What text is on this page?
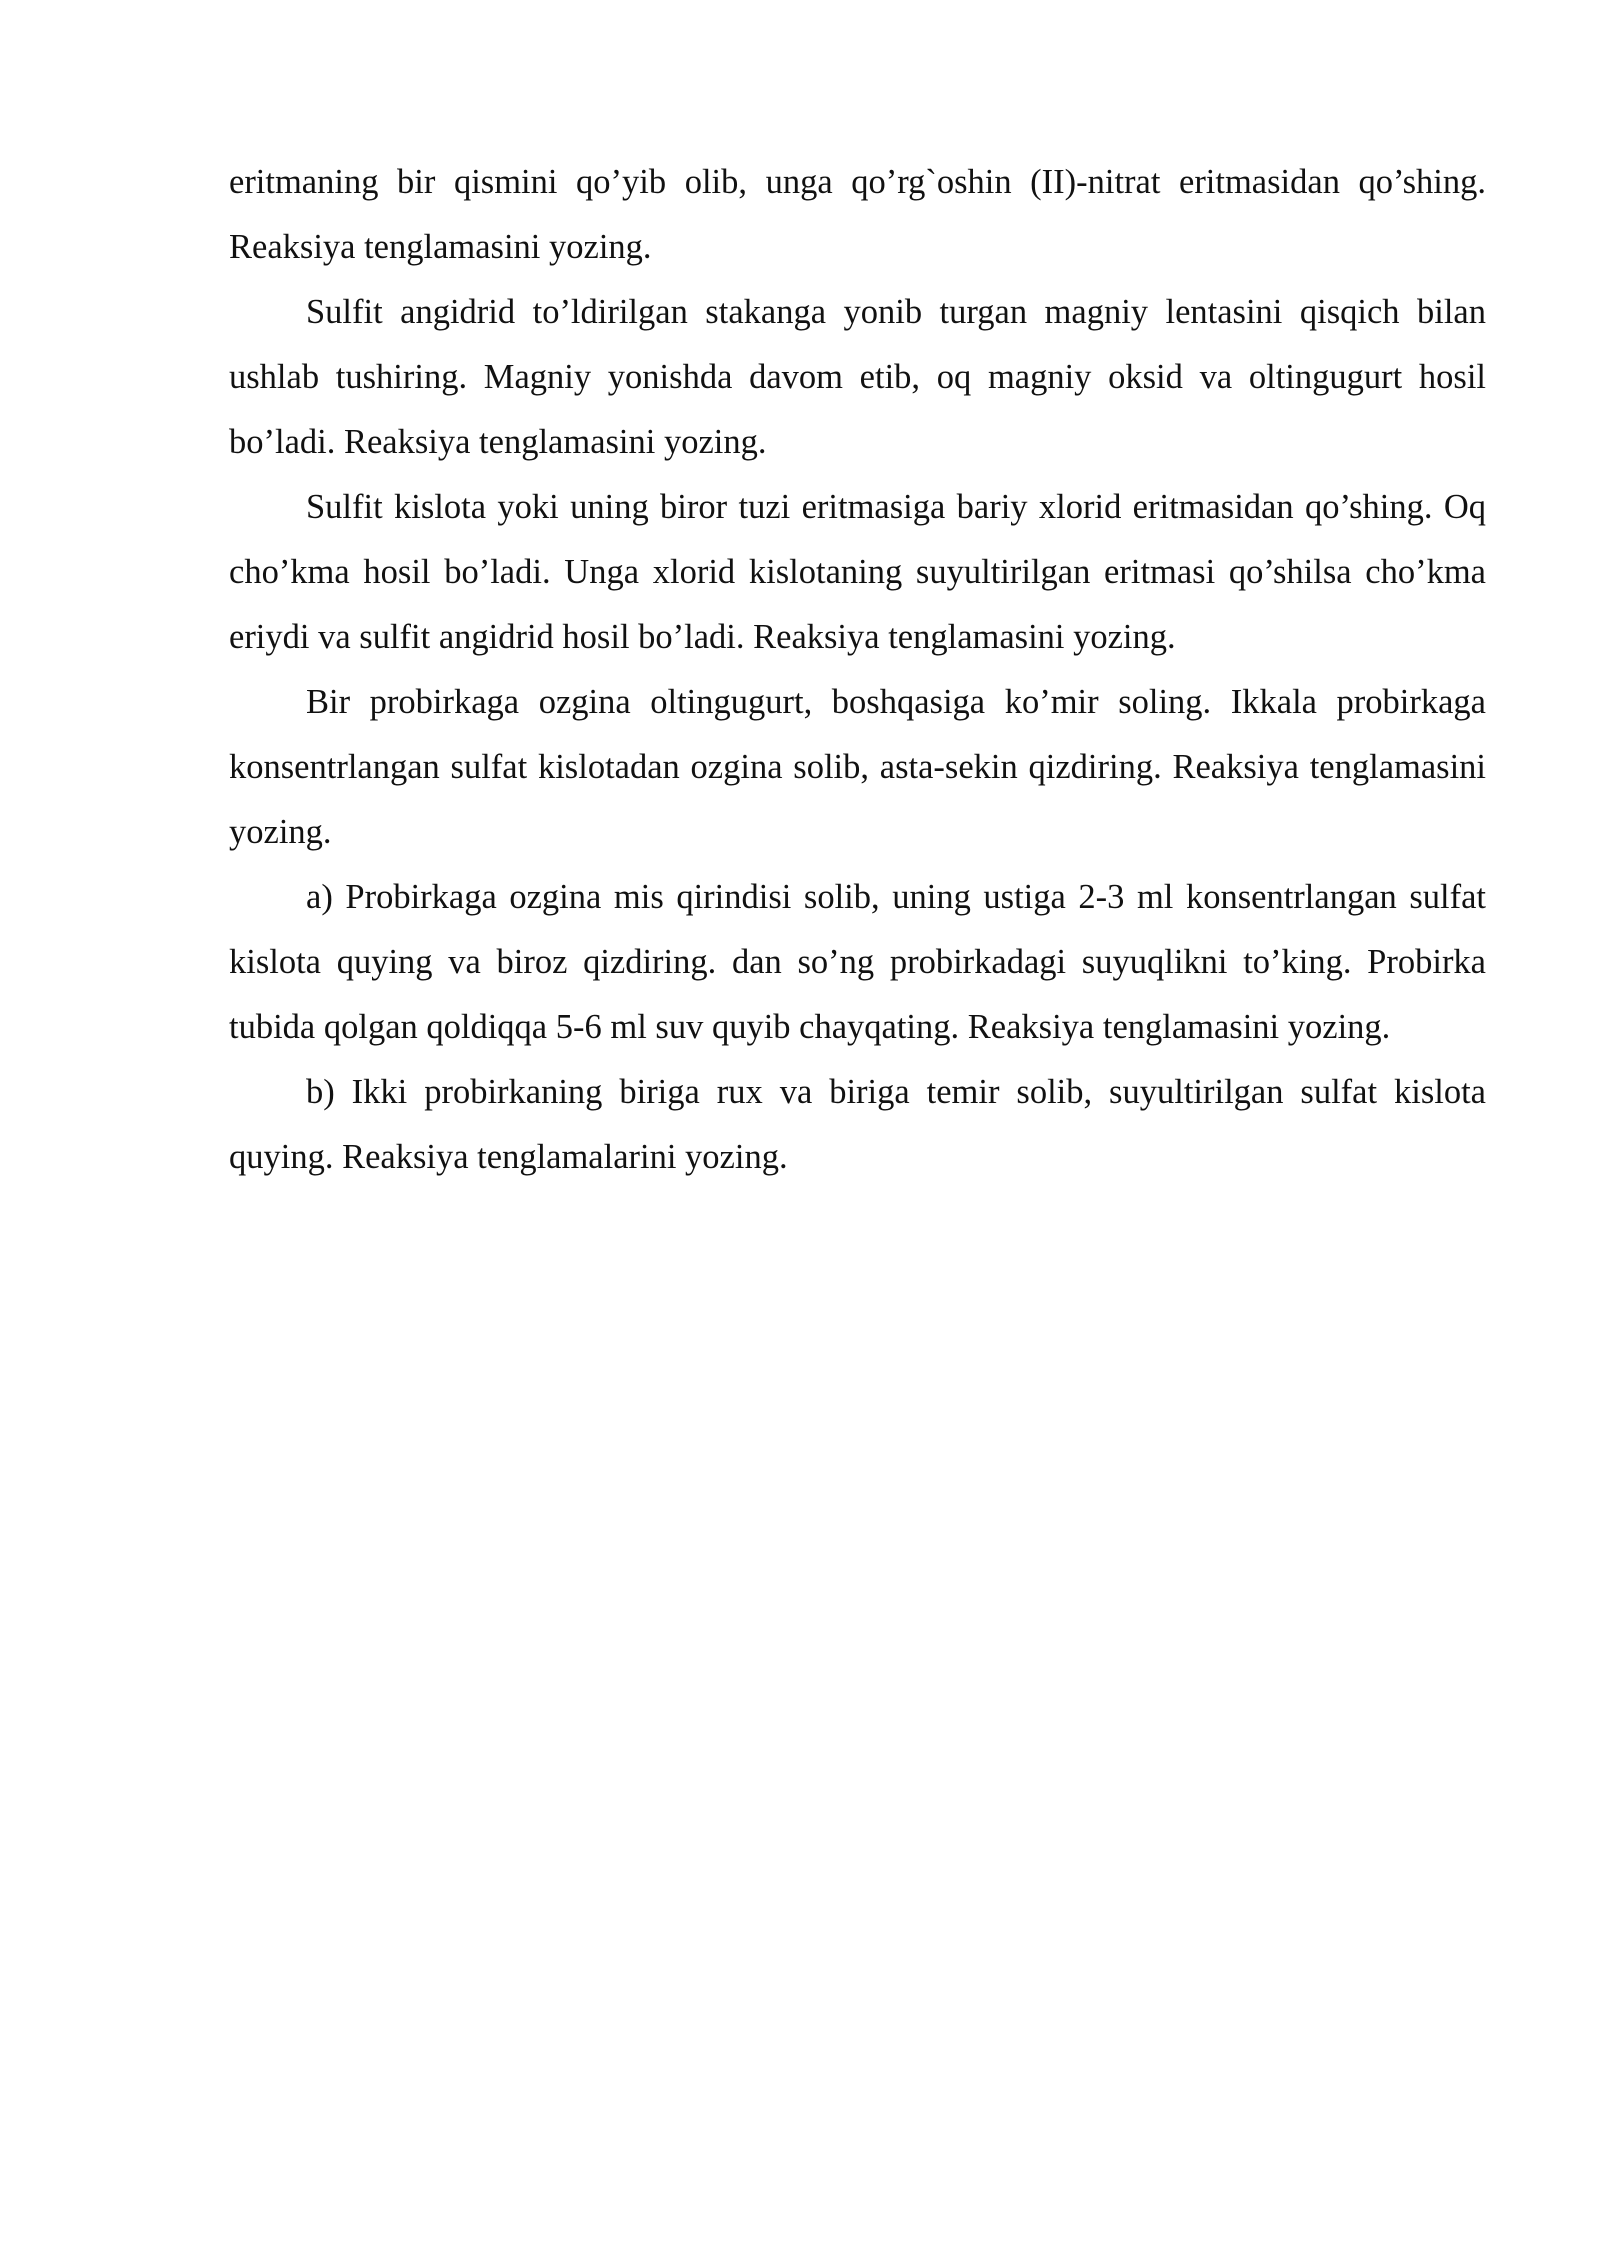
eritmaning bir qismini qo’yib olib, unga qo’rg`oshin (II)-nitrat eritmasidan qo’shing. Reaksiya tenglamasini yozing.

Sulfit angidrid to’ldirilgan stakanga yonib turgan magniy lentasini qisqich bilan ushlab tushiring. Magniy yonishda davom etib, oq magniy oksid va oltingugurt hosil bo’ladi. Reaksiya tenglamasini yozing.

Sulfit kislota yoki uning biror tuzi eritmasiga bariy xlorid eritmasidan qo’shing. Oq cho’kma hosil bo’ladi. Unga xlorid kislotaning suyultirilgan eritmasi qo’shilsa cho’kma eriydi va sulfit angidrid hosil bo’ladi. Reaksiya tenglamasini yozing.

Bir probirkaga ozgina oltingugurt, boshqasiga ko’mir soling. Ikkala probirkaga konsentrlangan sulfat kislotadan ozgina solib, asta-sekin qizdiring. Reaksiya tenglamasini yozing.

a) Probirkaga ozgina mis qirindisi solib, uning ustiga 2-3 ml konsentrlangan sulfat kislota quying va biroz qizdiring. dan so’ng probirkadagi suyuqlikni to’king. Probirka tubida qolgan qoldiqqa 5-6 ml suv quyib chayqating. Reaksiya tenglamasini yozing.

b) Ikki probirkaning biriga rux va biriga temir solib, suyultirilgan sulfat kislota quying. Reaksiya tenglamalarini yozing.
